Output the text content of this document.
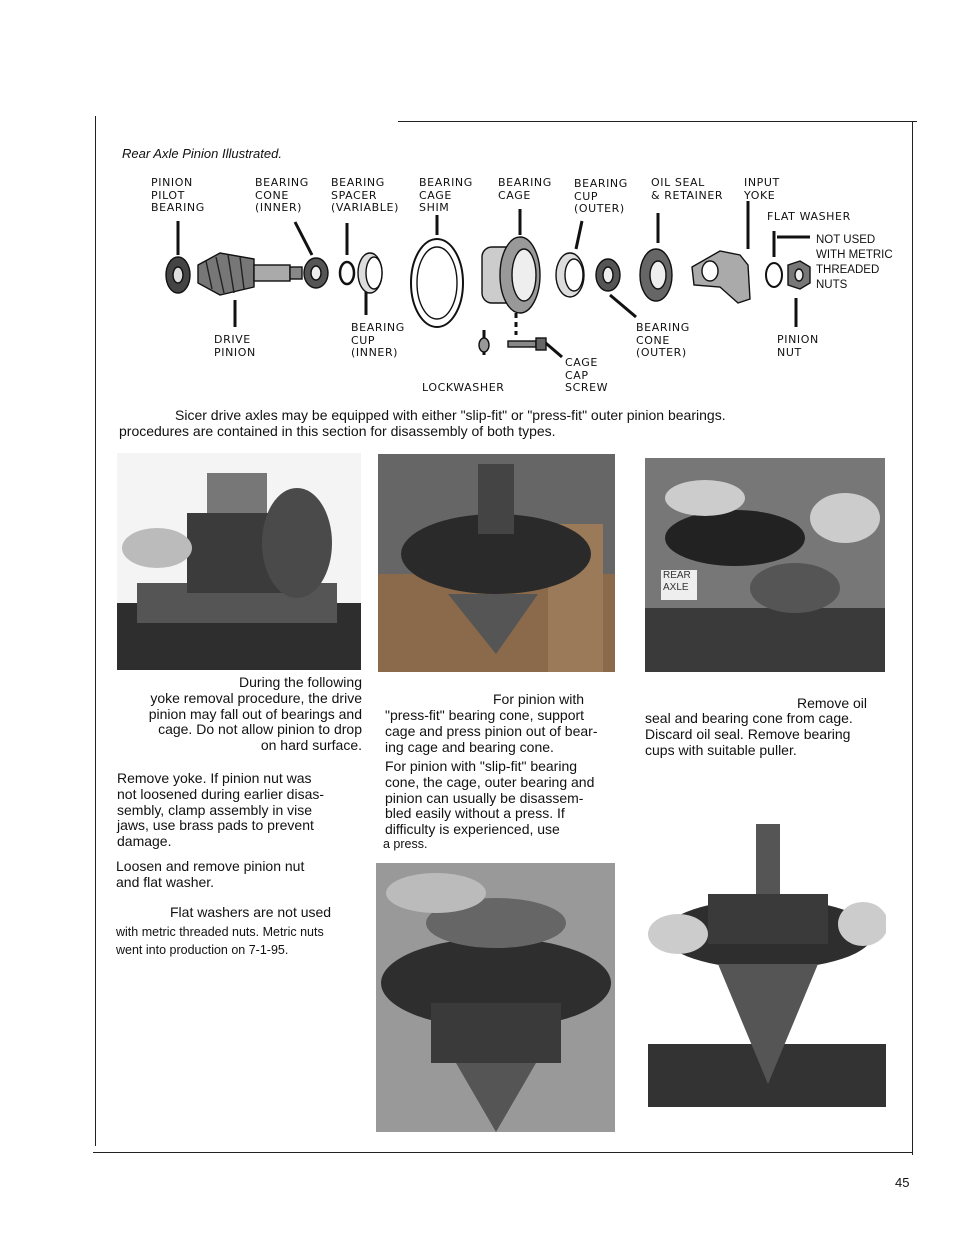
Rear Axle Pinion Illustrated.
PINION
PILOT
BEARING
BEARING
CONE
(INNER)
BEARING
SPACER
(VARIABLE)
BEARING
CAGE
SHIM
BEARING
CAGE
BEARING
CUP
(OUTER)
OIL SEAL
& RETAINER
INPUT
YOKE
FLAT WASHER
NOT USED
WITH METRIC
THREADED
NUTS
DRIVE
PINION
BEARING
CUP
(INNER)
LOCKWASHER
CAGE
CAP
SCREW
BEARING
CONE
(OUTER)
PINION
NUT
Sicer drive axles may be equipped with either "slip-fit" or "press-fit" outer pinion bearings.
procedures are contained in this section for disassembly of both types.
REAR
AXLE
During the following
yoke removal procedure, the drive
pinion may fall out of bearings and
cage. Do not allow pinion to drop
on hard surface.
Remove yoke. If pinion nut was
not loosened during earlier disas-
sembly, clamp assembly in vise
jaws, use brass pads to prevent
damage.
Loosen and remove pinion nut
and flat washer.
Flat washers are not used
with metric threaded nuts. Metric nuts
went into production on 7-1-95.
For pinion with
"press-fit" bearing cone, support
cage and press pinion out of bear-
ing cage and bearing cone.
For pinion with "slip-fit" bearing
cone, the cage, outer bearing and
pinion can usually be disassem-
bled easily without a press. If
difficulty is experienced, use
a press.
Remove oil
seal and bearing cone from cage.
Discard oil seal. Remove bearing
cups with suitable puller.
45
